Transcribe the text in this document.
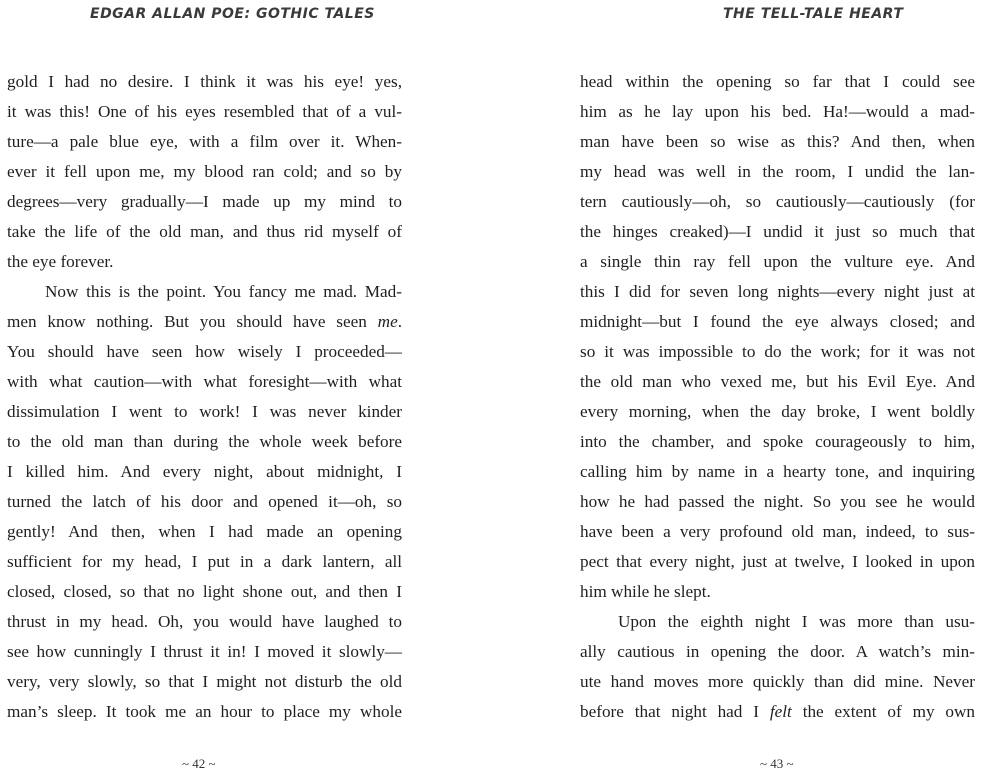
EDGAR ALLAN POE: GOTHIC TALES
gold I had no desire. I think it was his eye! yes,
it was this! One of his eyes resembled that of a vul-
ture—a pale blue eye, with a film over it. When-
ever it fell upon me, my blood ran cold; and so by
degrees—very gradually—I made up my mind to
take the life of the old man, and thus rid myself of
the eye forever.
Now this is the point. You fancy me mad. Mad-
men know nothing. But you should have seen me.
You should have seen how wisely I proceeded—
with what caution—with what foresight—with what
dissimulation I went to work! I was never kinder
to the old man than during the whole week before
I killed him. And every night, about midnight, I
turned the latch of his door and opened it—oh, so
gently! And then, when I had made an opening
sufficient for my head, I put in a dark lantern, all
closed, closed, so that no light shone out, and then I
thrust in my head. Oh, you would have laughed to
see how cunningly I thrust it in! I moved it slowly—
very, very slowly, so that I might not disturb the old
man’s sleep. It took me an hour to place my whole
~ 42 ~
THE TELL-TALE HEART
head within the opening so far that I could see
him as he lay upon his bed. Ha!—would a mad-
man have been so wise as this? And then, when
my head was well in the room, I undid the lan-
tern cautiously—oh, so cautiously—cautiously (for
the hinges creaked)—I undid it just so much that
a single thin ray fell upon the vulture eye. And
this I did for seven long nights—every night just at
midnight—but I found the eye always closed; and
so it was impossible to do the work; for it was not
the old man who vexed me, but his Evil Eye. And
every morning, when the day broke, I went boldly
into the chamber, and spoke courageously to him,
calling him by name in a hearty tone, and inquiring
how he had passed the night. So you see he would
have been a very profound old man, indeed, to sus-
pect that every night, just at twelve, I looked in upon
him while he slept.
Upon the eighth night I was more than usu-
ally cautious in opening the door. A watch’s min-
ute hand moves more quickly than did mine. Never
before that night had I felt the extent of my own
~ 43 ~
